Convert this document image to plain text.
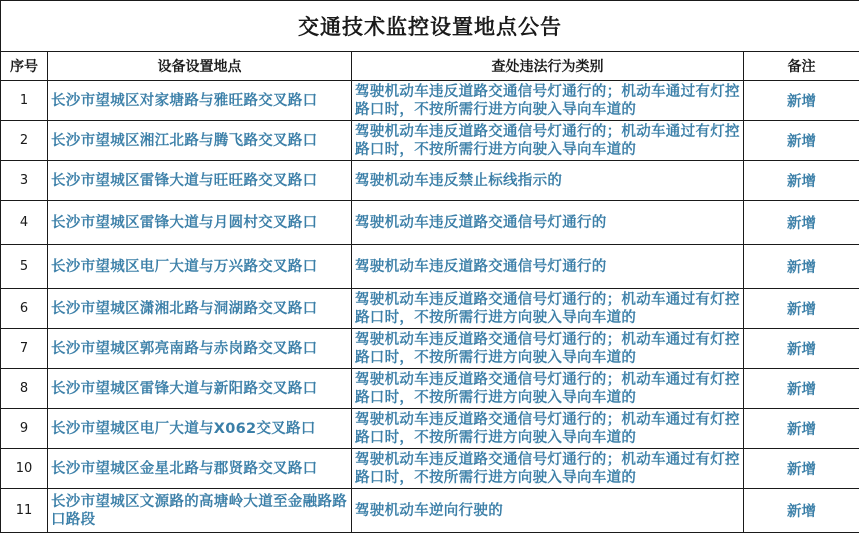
交通技术监控设置地点公告			
序号	设备设置地点	查处违法行为类别	备注
1	长沙市望城区对家塘路与雅旺路交叉路口	驾驶机动车违反道路交通信号灯通行的；机动车通过有灯控路口时，不按所需行进方向驶入导向车道的	新增
2	长沙市望城区湘江北路与腾飞路交叉路口	驾驶机动车违反道路交通信号灯通行的；机动车通过有灯控路口时，不按所需行进方向驶入导向车道的	新增
3	长沙市望城区雷锋大道与旺旺路交叉路口	驾驶机动车违反禁止标线指示的	新增
4	长沙市望城区雷锋大道与月圆村交叉路口	驾驶机动车违反道路交通信号灯通行的	新增
5	长沙市望城区电厂大道与万兴路交叉路口	驾驶机动车违反道路交通信号灯通行的	新增
6	长沙市望城区潇湘北路与洞湖路交叉路口	驾驶机动车违反道路交通信号灯通行的；机动车通过有灯控路口时，不按所需行进方向驶入导向车道的	新增
7	长沙市望城区郭亮南路与赤岗路交叉路口	驾驶机动车违反道路交通信号灯通行的；机动车通过有灯控路口时，不按所需行进方向驶入导向车道的	新增
8	长沙市望城区雷锋大道与新阳路交叉路口	驾驶机动车违反道路交通信号灯通行的；机动车通过有灯控路口时，不按所需行进方向驶入导向车道的	新增
9	长沙市望城区电厂大道与X062交叉路口	驾驶机动车违反道路交通信号灯通行的；机动车通过有灯控路口时，不按所需行进方向驶入导向车道的	新增
10	长沙市望城区金星北路与郡贤路交叉路口	驾驶机动车违反道路交通信号灯通行的；机动车通过有灯控路口时，不按所需行进方向驶入导向车道的	新增
11	长沙市望城区文源路的高塘岭大道至金融路路口路段	驾驶机动车逆向行驶的	新增
